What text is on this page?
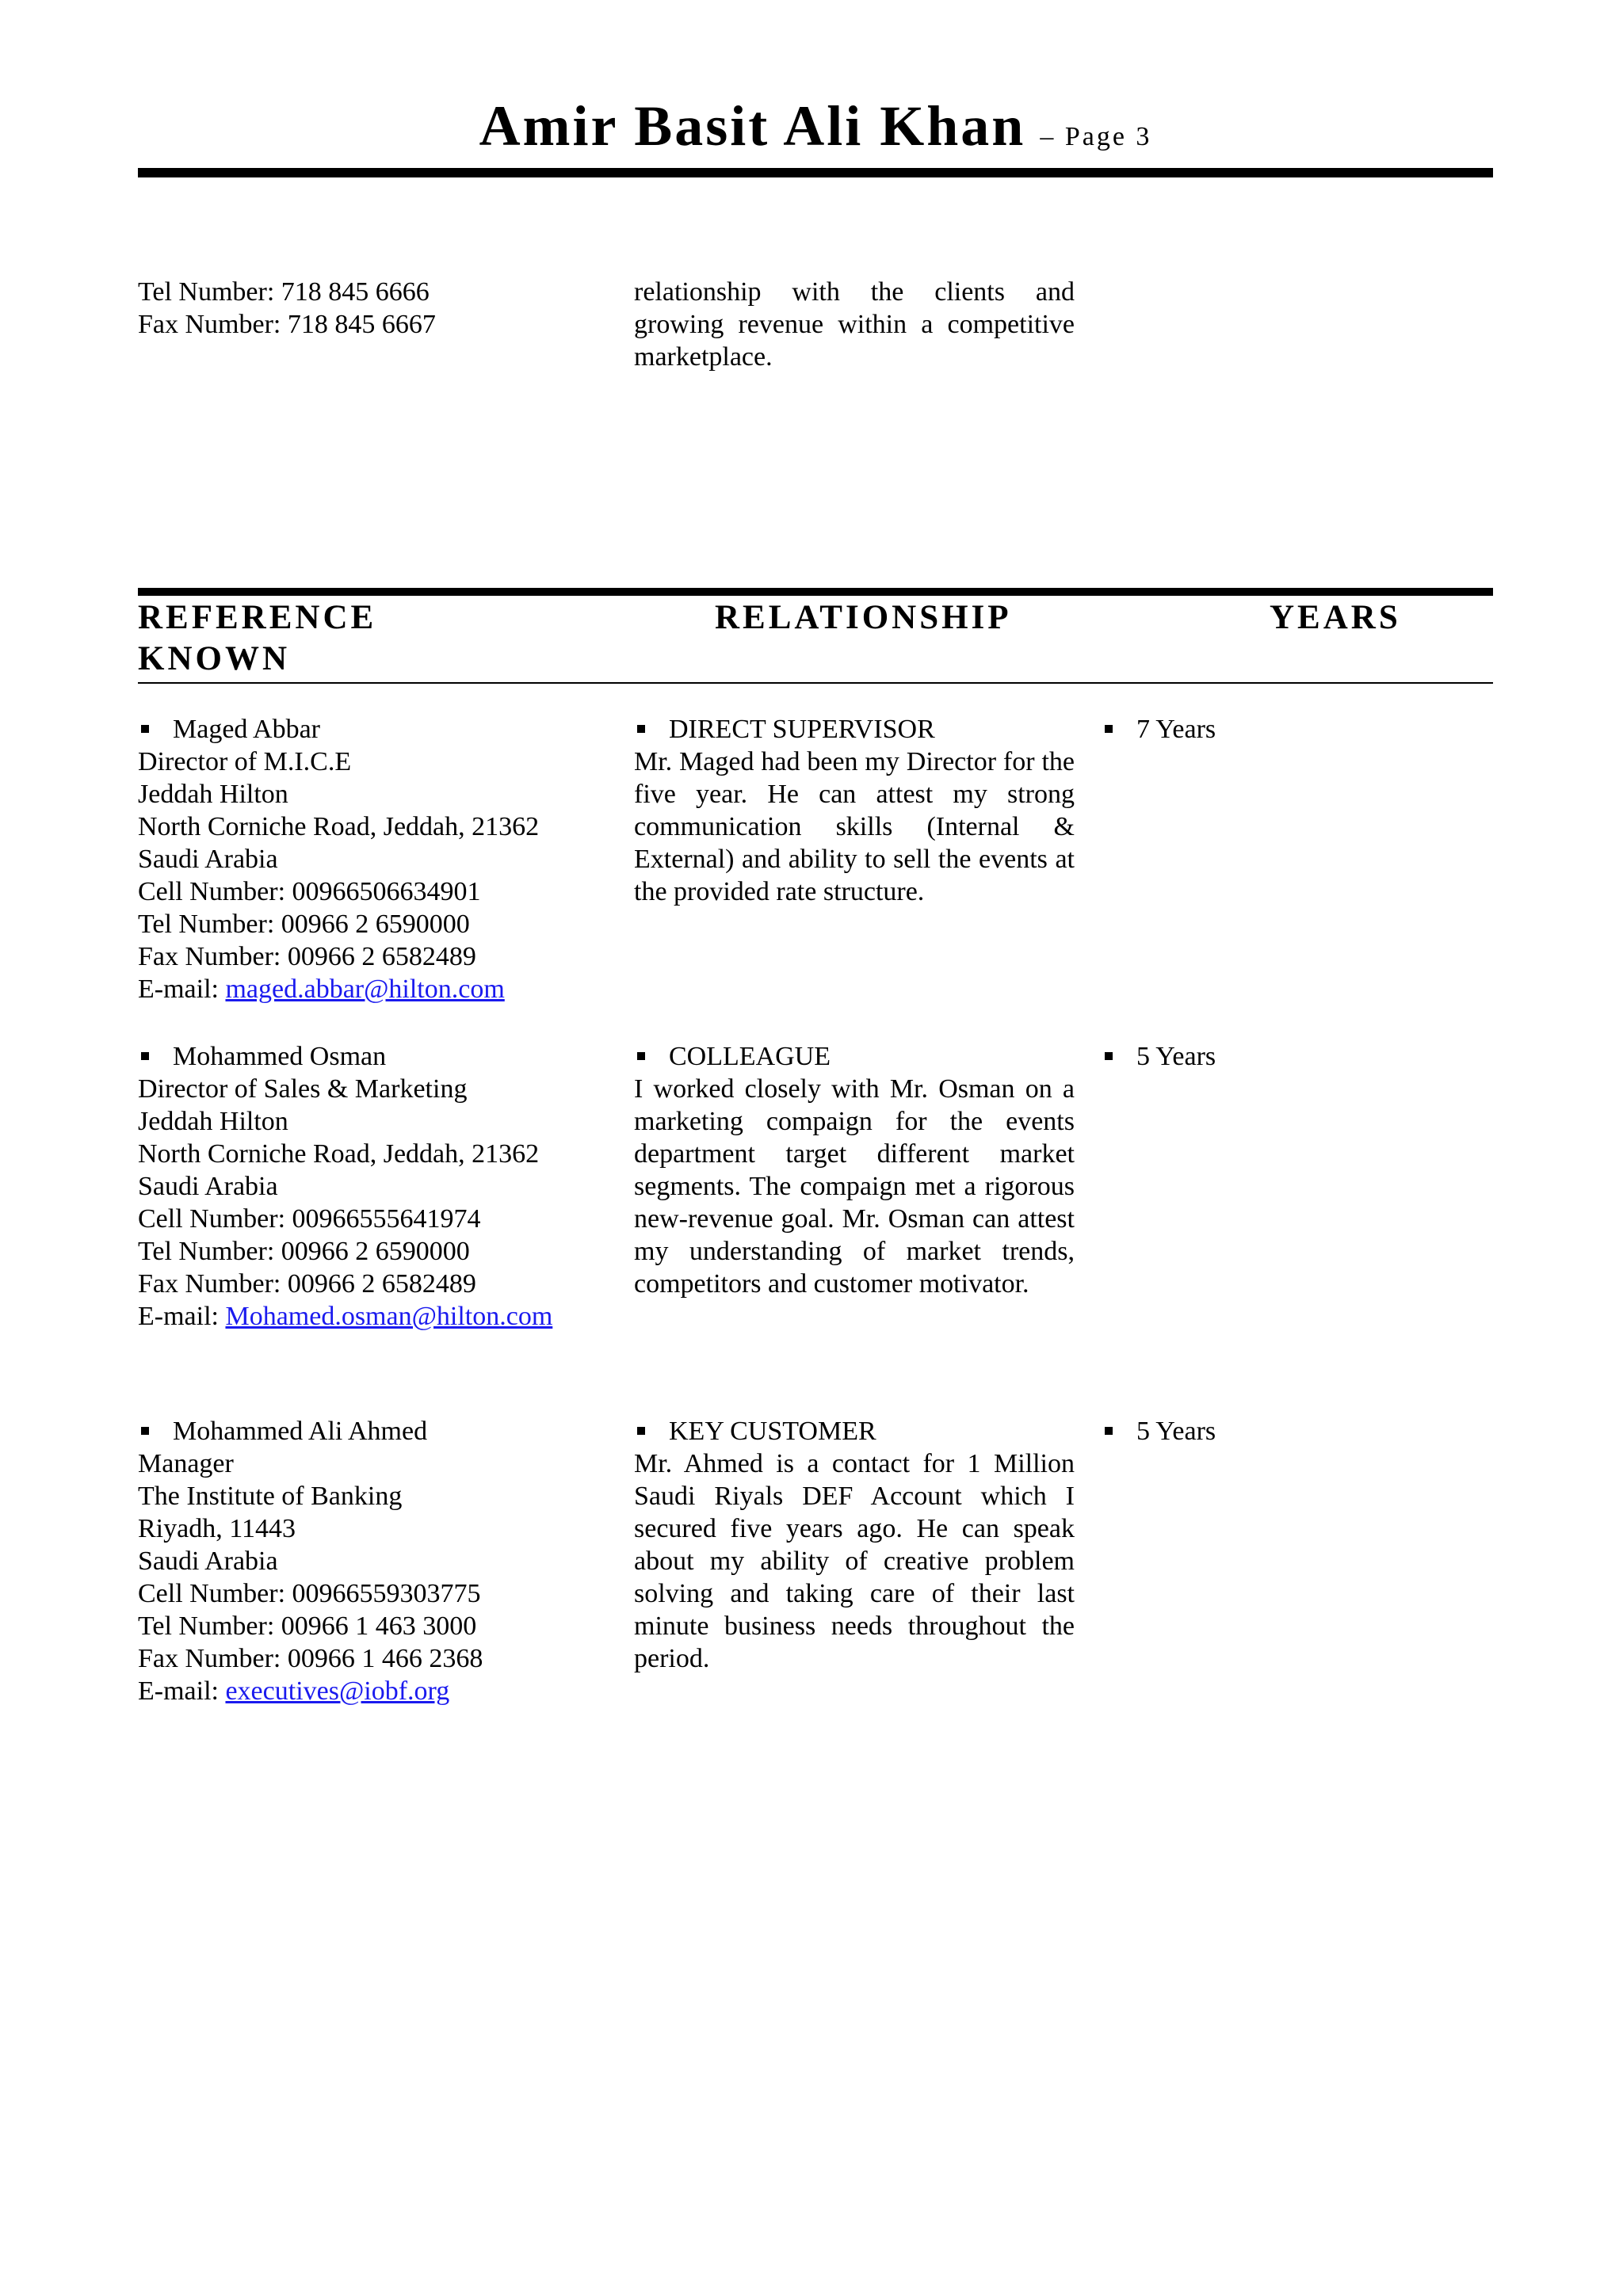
Amir Basit Ali Khan – Page 3
Tel Number: 718 845 6666
Fax Number: 718 845 6667
relationship with the clients and growing revenue within a competitive marketplace.
REFERENCE
KNOWN
RELATIONSHIP	YEARS
Maged Abbar
Director of M.I.C.E
Jeddah Hilton
North Corniche Road, Jeddah, 21362
Saudi Arabia
Cell Number: 00966506634901
Tel Number: 00966 2 6590000
Fax Number: 00966 2 6582489
E-mail: maged.abbar@hilton.com
DIRECT SUPERVISOR
Mr. Maged had been my Director for the five year. He can attest my strong communication skills (Internal & External) and ability to sell the events at the provided rate structure.
7 Years
Mohammed Osman
Director of Sales & Marketing
Jeddah Hilton
North Corniche Road, Jeddah, 21362
Saudi Arabia
Cell Number: 00966555641974
Tel Number: 00966 2 6590000
Fax Number: 00966 2 6582489
E-mail: Mohamed.osman@hilton.com
COLLEAGUE
I worked closely with Mr. Osman on a marketing compaign for the events department target different market segments. The compaign met a rigorous new-revenue goal. Mr. Osman can attest my understanding of market trends, competitors and customer motivator.
5 Years
Mohammed Ali Ahmed
Manager
The Institute of Banking
Riyadh, 11443
Saudi Arabia
Cell Number: 00966559303775
Tel Number: 00966 1 463 3000
Fax Number: 00966 1 466 2368
E-mail: executives@iobf.org
KEY CUSTOMER
Mr. Ahmed is a contact for 1 Million Saudi Riyals DEF Account which I secured five years ago. He can speak about my ability of creative problem solving and taking care of their last minute business needs throughout the period.
5 Years
